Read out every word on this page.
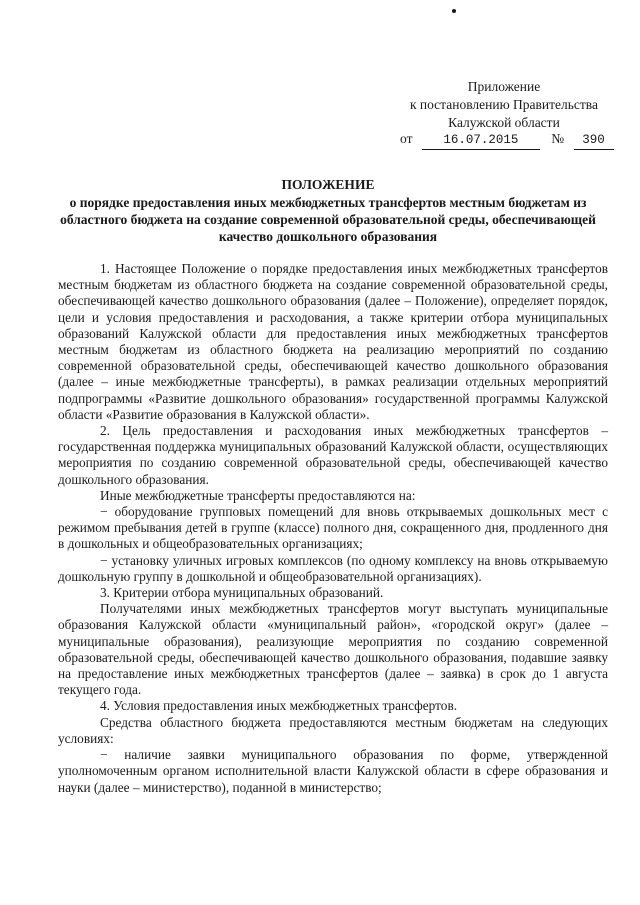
Приложение
к постановлению Правительства
Калужской области
от 16.07.2015 № 390
ПОЛОЖЕНИЕ
о порядке предоставления иных межбюджетных трансфертов местным бюджетам из областного бюджета на создание современной образовательной среды, обеспечивающей качество дошкольного образования

1. Настоящее Положение о порядке предоставления иных межбюджетных трансфертов местным бюджетам из областного бюджета на создание современной образовательной среды, обеспечивающей качество дошкольного образования (далее – Положение), определяет порядок, цели и условия предоставления и расходования, а также критерии отбора муниципальных образований Калужской области для предоставления иных межбюджетных трансфертов местным бюджетам из областного бюджета на реализацию мероприятий по созданию современной образовательной среды, обеспечивающей качество дошкольного образования (далее – иные межбюджетные трансферты), в рамках реализации отдельных мероприятий подпрограммы «Развитие дошкольного образования» государственной программы Калужской области «Развитие образования в Калужской области».

2. Цель предоставления и расходования иных межбюджетных трансфертов – государственная поддержка муниципальных образований Калужской области, осуществляющих мероприятия по созданию современной образовательной среды, обеспечивающей качество дошкольного образования.

Иные межбюджетные трансферты предоставляются на:

− оборудование групповых помещений для вновь открываемых дошкольных мест с режимом пребывания детей в группе (классе) полного дня, сокращенного дня, продленного дня в дошкольных и общеобразовательных организациях;

− установку уличных игровых комплексов (по одному комплексу на вновь открываемую дошкольную группу в дошкольной и общеобразовательной организациях).

3. Критерии отбора муниципальных образований.

Получателями иных межбюджетных трансфертов могут выступать муниципальные образования Калужской области «муниципальный район», «городской округ» (далее – муниципальные образования), реализующие мероприятия по созданию современной образовательной среды, обеспечивающей качество дошкольного образования, подавшие заявку на предоставление иных межбюджетных трансфертов (далее – заявка) в срок до 1 августа текущего года.

4. Условия предоставления иных межбюджетных трансфертов.

Средства областного бюджета предоставляются местным бюджетам на следующих условиях:

− наличие заявки муниципального образования по форме, утвержденной уполномоченным органом исполнительной власти Калужской области в сфере образования и науки (далее – министерство), поданной в министерство;
